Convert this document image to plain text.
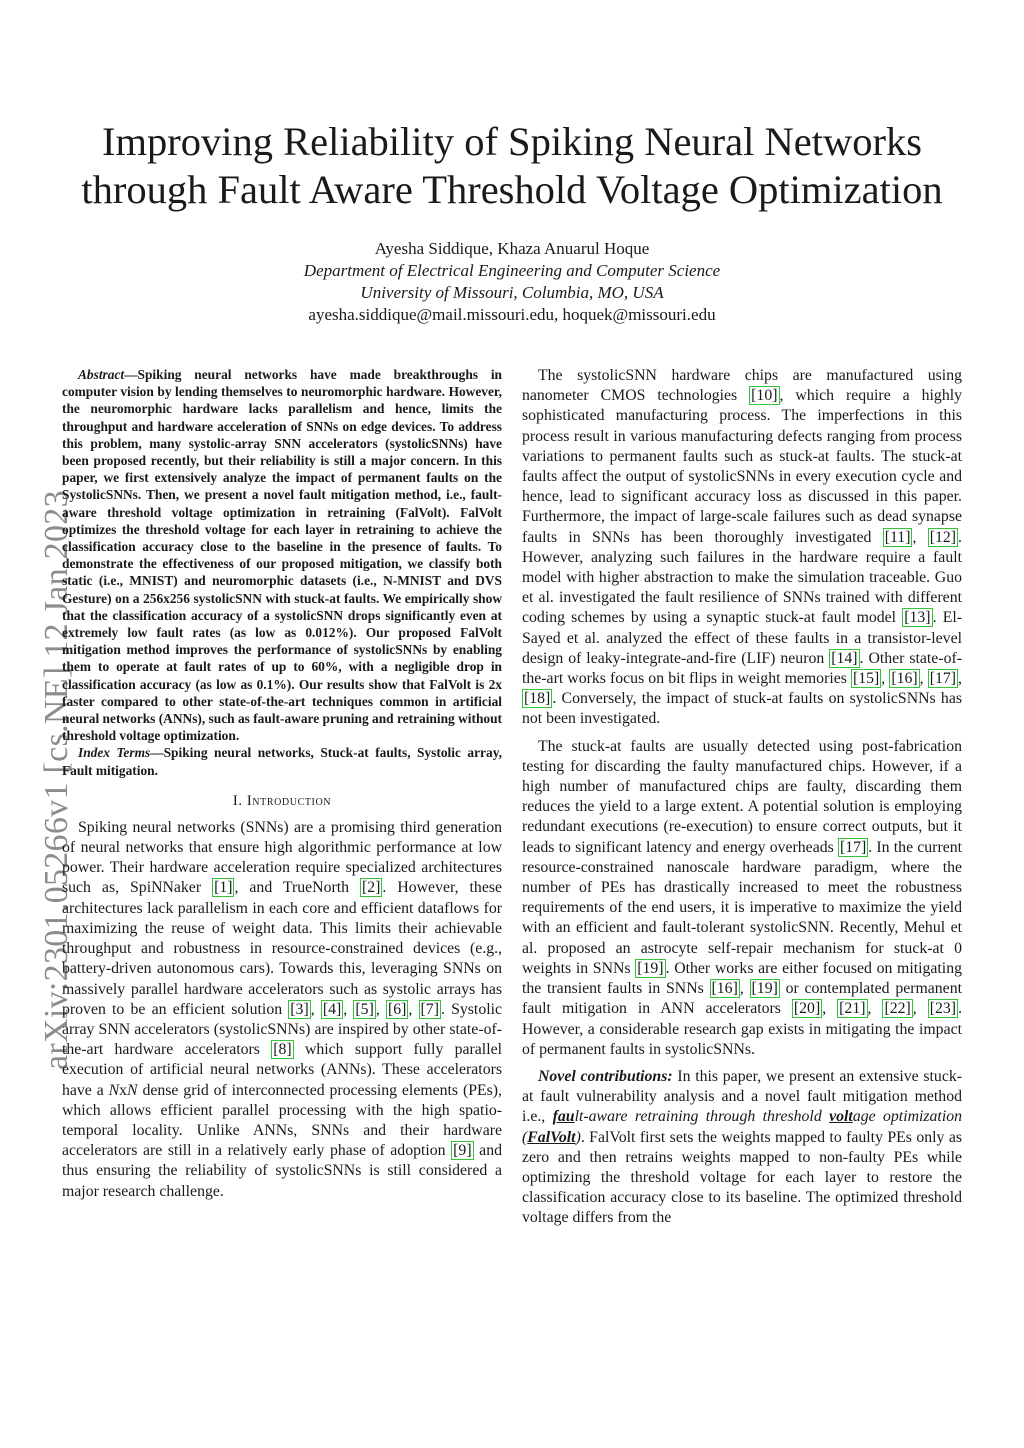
arXiv:2301.05266v1 [cs.NE] 12 Jan 2023
Improving Reliability of Spiking Neural Networks
through Fault Aware Threshold Voltage Optimization
Ayesha Siddique, Khaza Anuarul Hoque
Department of Electrical Engineering and Computer Science
University of Missouri, Columbia, MO, USA
ayesha.siddique@mail.missouri.edu, hoquek@missouri.edu

Abstract—Spiking neural networks have made breakthroughs in computer vision by lending themselves to neuromorphic hardware. However, the neuromorphic hardware lacks parallelism and hence, limits the throughput and hardware acceleration of SNNs on edge devices. To address this problem, many systolic-array SNN accelerators (systolicSNNs) have been proposed recently, but their reliability is still a major concern. In this paper, we first extensively analyze the impact of permanent faults on the SystolicSNNs. Then, we present a novel fault mitigation method, i.e., fault-aware threshold voltage optimization in retraining (FalVolt). FalVolt optimizes the threshold voltage for each layer in retraining to achieve the classification accuracy close to the baseline in the presence of faults. To demonstrate the effectiveness of our proposed mitigation, we classify both static (i.e., MNIST) and neuromorphic datasets (i.e., N-MNIST and DVS Gesture) on a 256x256 systolicSNN with stuck-at faults. We empirically show that the classification accuracy of a systolicSNN drops significantly even at extremely low fault rates (as low as 0.012%). Our proposed FalVolt mitigation method improves the performance of systolicSNNs by enabling them to operate at fault rates of up to 60%, with a negligible drop in classification accuracy (as low as 0.1%). Our results show that FalVolt is 2x faster compared to other state-of-the-art techniques common in artificial neural networks (ANNs), such as fault-aware pruning and retraining without threshold voltage optimization.

Index Terms—Spiking neural networks, Stuck-at faults, Systolic array, Fault mitigation.

I. Introduction

Spiking neural networks (SNNs) are a promising third generation of neural networks that ensure high algorithmic performance at low power. Their hardware acceleration require specialized architectures such as, SpiNNaker [1] , and TrueNorth [2] . However, these architectures lack parallelism in each core and efficient dataflows for maximizing the reuse of weight data. This limits their achievable throughput and robustness in resource-constrained devices (e.g., battery-driven autonomous cars). Towards this, leveraging SNNs on massively parallel hardware accelerators such as systolic arrays has proven to be an efficient solution [3] , [4] , [5] , [6] , [7] . Systolic array SNN accelerators (systolicSNNs) are inspired by other state-of-the-art hardware accelerators [8] which support fully parallel execution of artificial neural networks (ANNs). These accelerators have a NxN dense grid of interconnected processing elements (PEs), which allows efficient parallel processing with the high spatio-temporal locality. Unlike ANNs, SNNs and their hardware accelerators are still in a relatively early phase of adoption [9] and thus ensuring the reliability of systolicSNNs is still considered a major research challenge.

The systolicSNN hardware chips are manufactured using nanometer CMOS technologies [10] , which require a highly sophisticated manufacturing process. The imperfections in this process result in various manufacturing defects ranging from process variations to permanent faults such as stuck-at faults. The stuck-at faults affect the output of systolicSNNs in every execution cycle and hence, lead to significant accuracy loss as discussed in this paper. Furthermore, the impact of large-scale failures such as dead synapse faults in SNNs has been thoroughly investigated [11] , [12] . However, analyzing such failures in the hardware require a fault model with higher abstraction to make the simulation traceable. Guo et al. investigated the fault resilience of SNNs trained with different coding schemes by using a synaptic stuck-at fault model [13] . El-Sayed et al. analyzed the effect of these faults in a transistor-level design of leaky-integrate-and-fire (LIF) neuron [14] . Other state-of-the-art works focus on bit flips in weight memories [15] , [16] , [17] , [18] . Conversely, the impact of stuck-at faults on systolicSNNs has not been investigated.

The stuck-at faults are usually detected using post-fabrication testing for discarding the faulty manufactured chips. However, if a high number of manufactured chips are faulty, discarding them reduces the yield to a large extent. A potential solution is employing redundant executions (re-execution) to ensure correct outputs, but it leads to significant latency and energy overheads [17] . In the current resource-constrained nanoscale hardware paradigm, where the number of PEs has drastically increased to meet the robustness requirements of the end users, it is imperative to maximize the yield with an efficient and fault-tolerant systolicSNN. Recently, Mehul et al. proposed an astrocyte self-repair mechanism for stuck-at 0 weights in SNNs [19] . Other works are either focused on mitigating the transient faults in SNNs [16] , [19] or contemplated permanent fault mitigation in ANN accelerators [20] , [21] , [22] , [23] . However, a considerable research gap exists in mitigating the impact of permanent faults in systolicSNNs.

Novel contributions: In this paper, we present an extensive stuck-at fault vulnerability analysis and a novel fault mitigation method i.e., fault-aware retraining through threshold voltage optimization (FalVolt). FalVolt first sets the weights mapped to faulty PEs only as zero and then retrains weights mapped to non-faulty PEs while optimizing the threshold voltage for each layer to restore the classification accuracy close to its baseline. The optimized threshold voltage differs from the
